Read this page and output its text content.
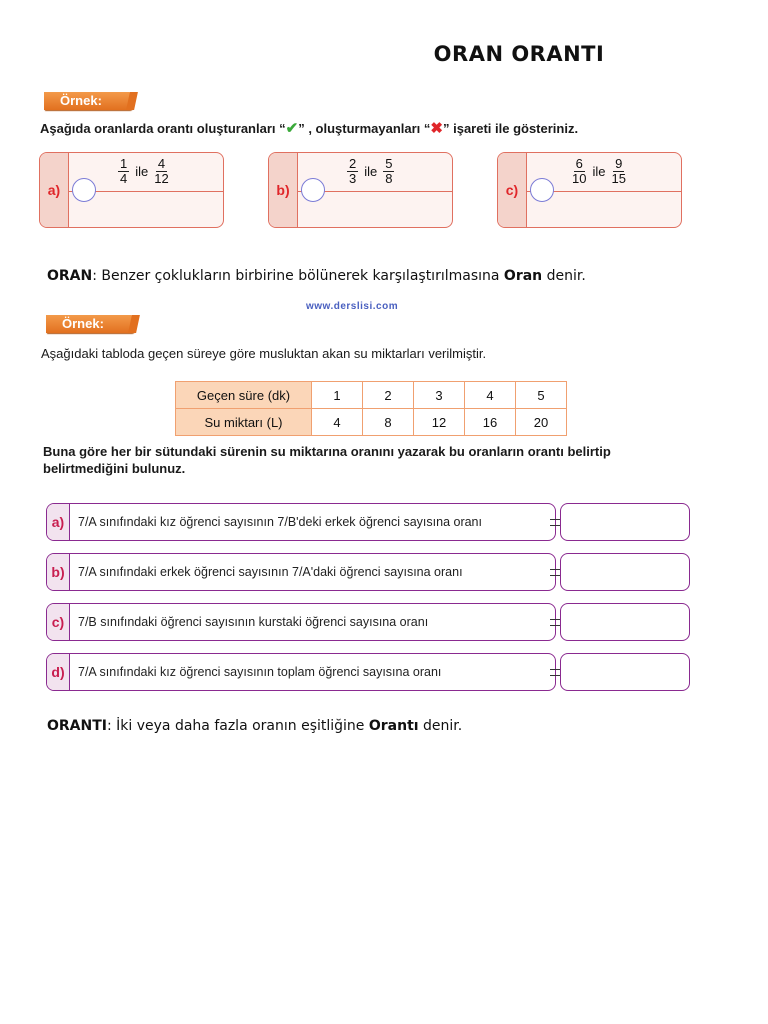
ORAN ORANTI
Örnek:
Aşağıda oranlarda orantı oluşturanları “✔” , oluşturmayanları “✖” işareti ile gösteriniz.
a)
$\frac{1}{4}$ ile $\frac{4}{12}$
b)
$\frac{2}{3}$ ile $\frac{5}{8}$
c)
$\frac{6}{10}$ ile $\frac{9}{15}$
ORAN: Benzer çoklukların birbirine bölünerek karşılaştırılmasına Oran denir.
www.derslisi.com
Örnek:
Aşağıdaki tabloda geçen süreye göre musluktan akan su miktarları verilmiştir.
Geçen süre (dk)	1	2	3	4	5
Su miktarı (L)	4	8	12	16	20
Buna göre her bir sütundaki sürenin su miktarına oranını yazarak bu oranların orantı belirtip
belirtmediğini bulunuz.
a)	7/A sınıfındaki kız öğrenci sayısının 7/B'deki erkek öğrenci sayısına oranı
b)	7/A sınıfındaki erkek öğrenci sayısının 7/A'daki öğrenci sayısına oranı
c)	7/B sınıfındaki öğrenci sayısının kurstaki öğrenci sayısına oranı
d)	7/A sınıfındaki kız öğrenci sayısının toplam öğrenci sayısına oranı
ORANTI: İki veya daha fazla oranın eşitliğine Orantı denir.
